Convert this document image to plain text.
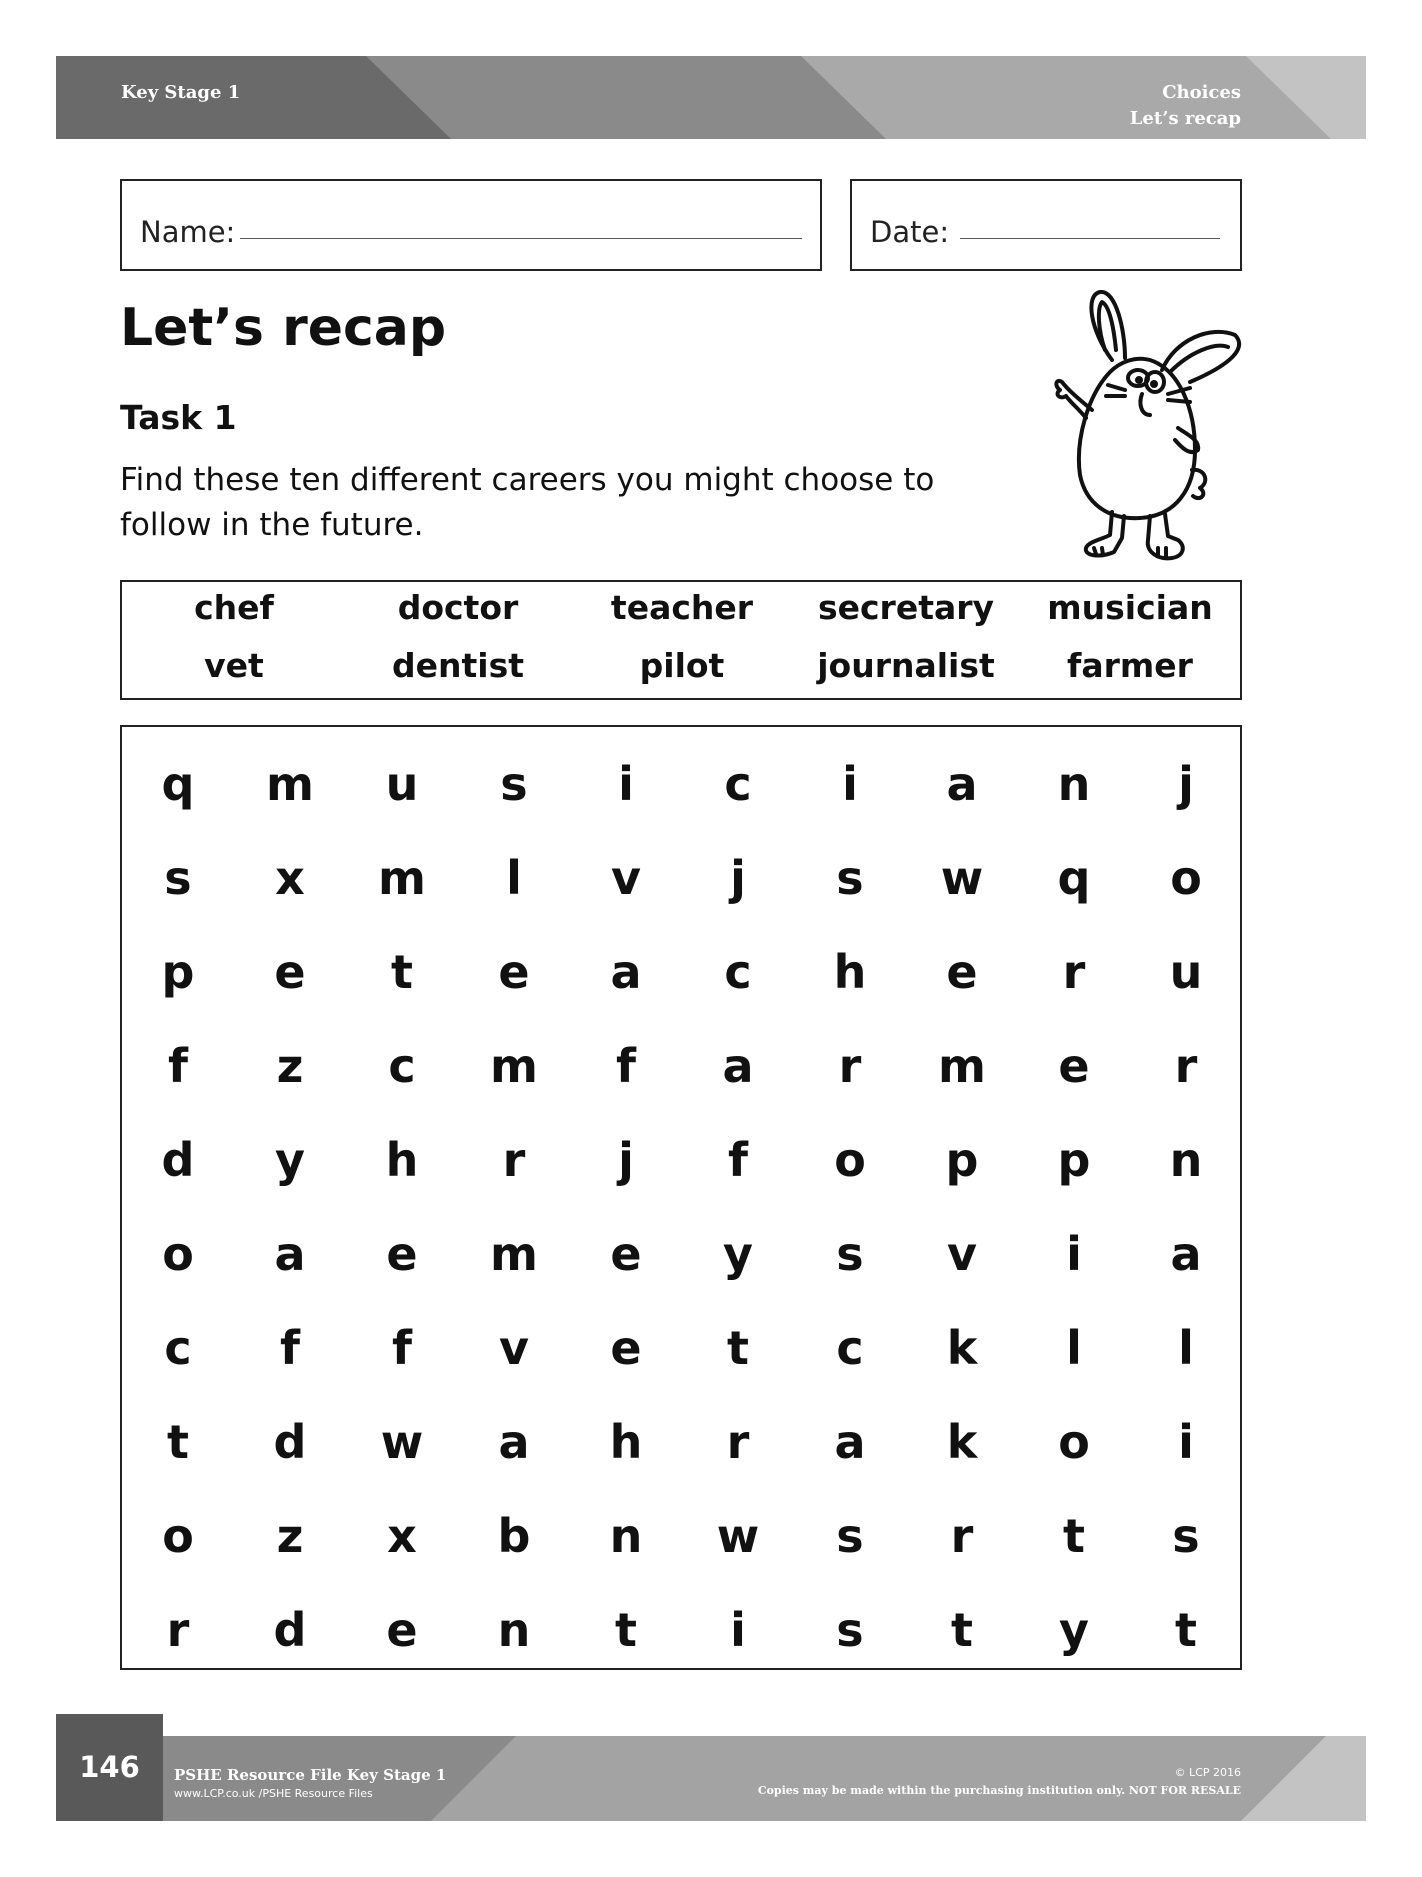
Key Stage 1	Choices
Let’s recap
Name:	Date:
Let’s recap
Task 1
Find these ten different careers you might choose to follow in the future.
chef	doctor	teacher	secretary	musician
vet	dentist	pilot	journalist	farmer
q	m	u	s	i	c	i	a	n	j
s	x	m	l	v	j	s	w	q	o
p	e	t	e	a	c	h	e	r	u
f	z	c	m	f	a	r	m	e	r
d	y	h	r	j	f	o	p	p	n
o	a	e	m	e	y	s	v	i	a
c	f	f	v	e	t	c	k	l	l
t	d	w	a	h	r	a	k	o	i
o	z	x	b	n	w	s	r	t	s
r	d	e	n	t	i	s	t	y	t
146	PSHE Resource File Key Stage 1
www.LCP.co.uk /PSHE Resource Files
© LCP 2016
Copies may be made within the purchasing institution only. NOT FOR RESALE
